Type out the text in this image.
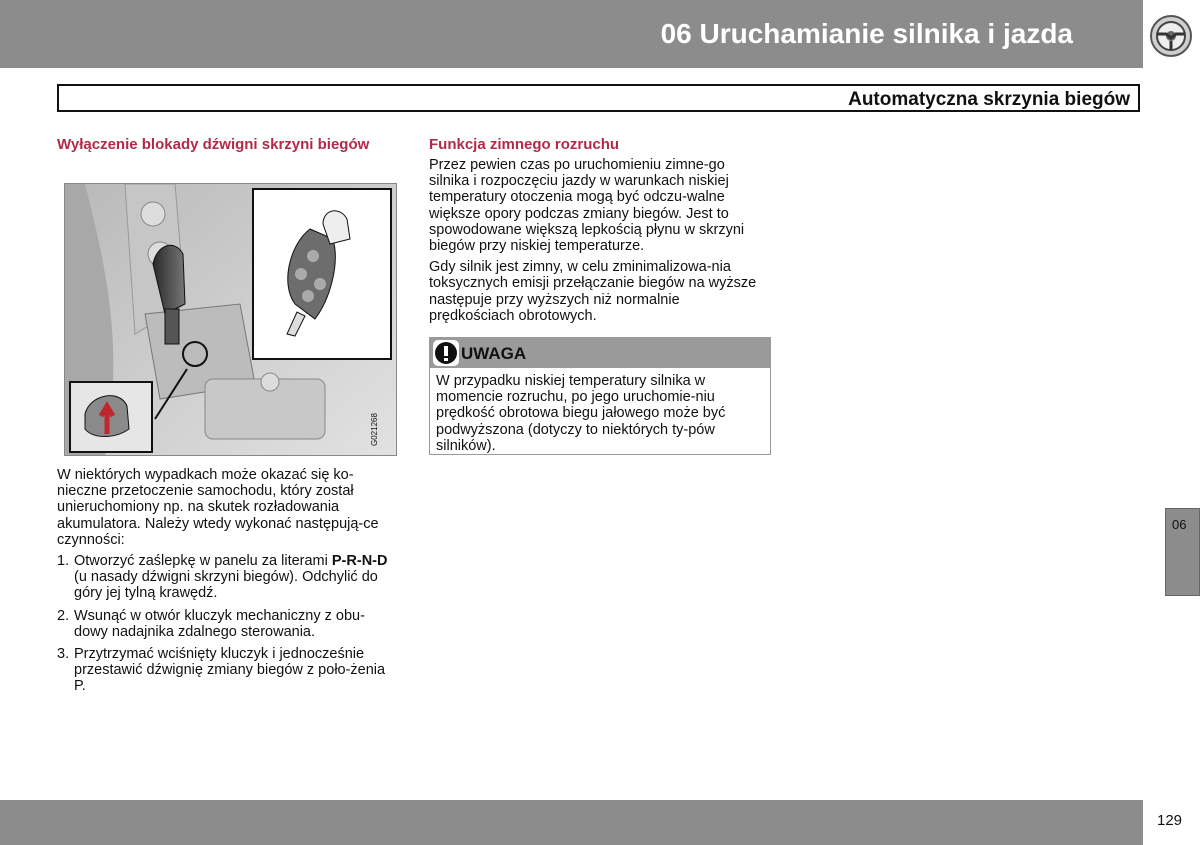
06 Uruchamianie silnika i jazda
Automatyczna skrzynia biegów
Wyłączenie blokady dźwigni skrzyni biegów
G021268

W niektórych wypadkach może okazać się ko-nieczne przetoczenie samochodu, który został unieruchomiony np. na skutek rozładowania akumulatora. Należy wtedy wykonać następują-ce czynności:

1. Otworzyć zaślepkę w panelu za literami P-R-N-D (u nasady dźwigni skrzyni biegów). Odchylić do góry jej tylną krawędź.
2. Wsunąć w otwór kluczyk mechaniczny z obu-dowy nadajnika zdalnego sterowania.
3. Przytrzymać wciśnięty kluczyk i jednocześnie przestawić dźwignię zmiany biegów z poło-żenia P.
Funkcja zimnego rozruchu

Przez pewien czas po uruchomieniu zimne-go silnika i rozpoczęciu jazdy w warunkach niskiej temperatury otoczenia mogą być odczu-walne większe opory podczas zmiany biegów. Jest to spowodowane większą lepkością płynu w skrzyni biegów przy niskiej temperaturze.

Gdy silnik jest zimny, w celu zminimalizowa-nia toksycznych emisji przełączanie biegów na wyższe następuje przy wyższych niż normalnie prędkościach obrotowych.

UWAGA
W przypadku niskiej temperatury silnika w momencie rozruchu, po jego uruchomie-niu prędkość obrotowa biegu jałowego może być podwyższona (dotyczy to niektórych ty-pów silników).
06
129
